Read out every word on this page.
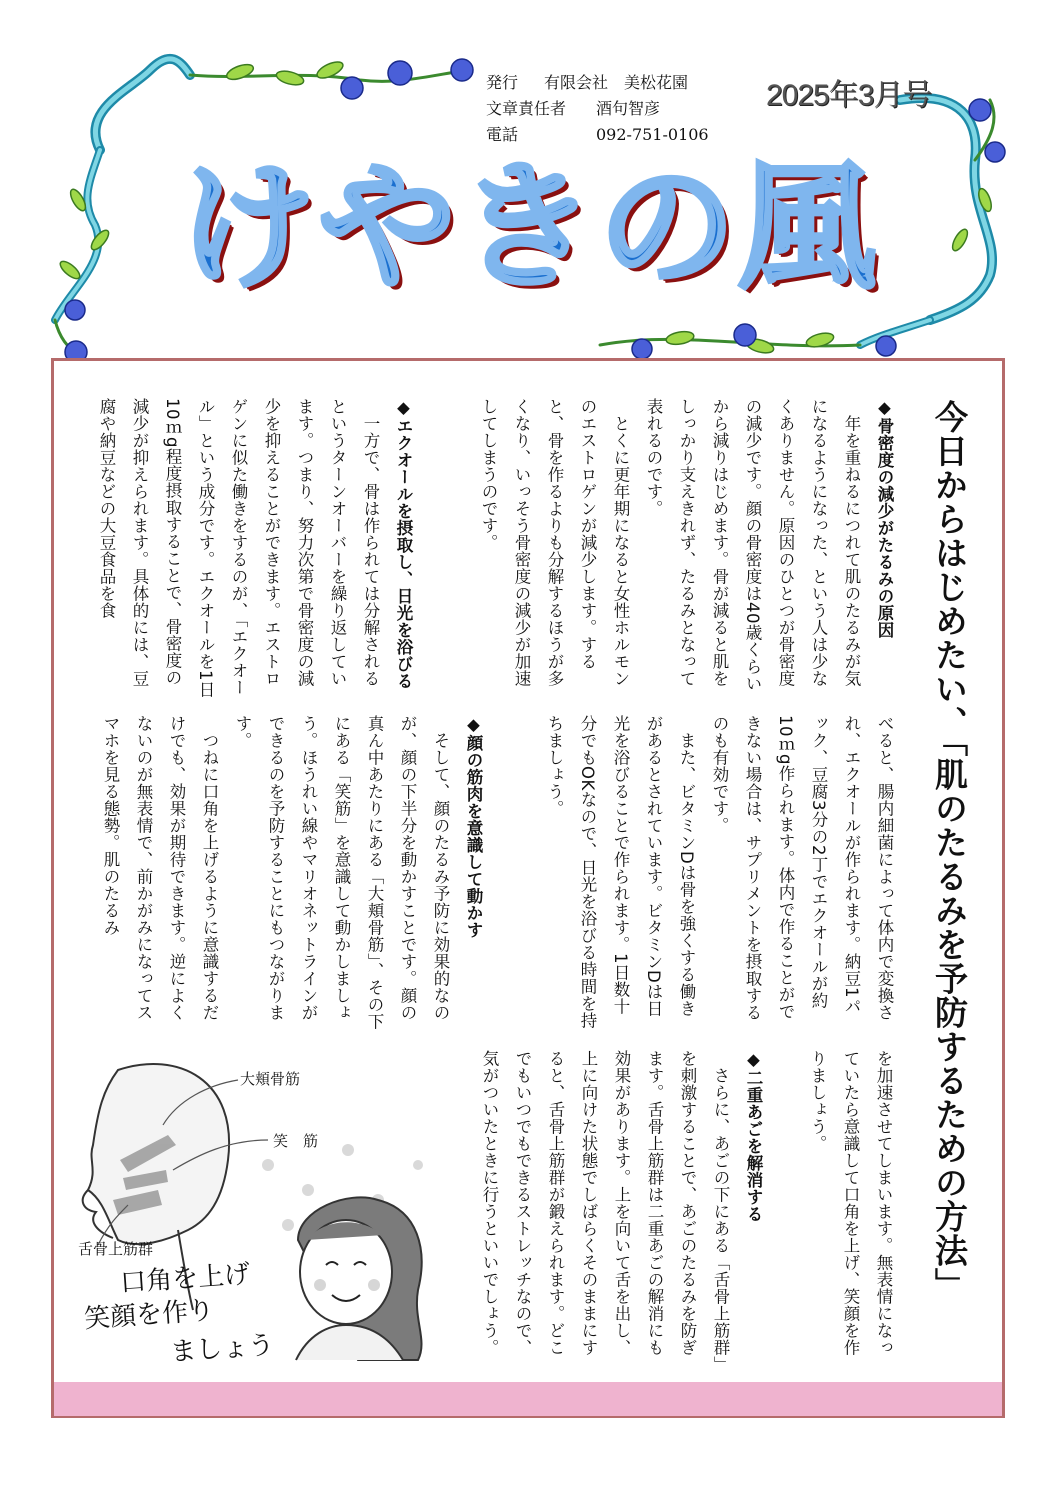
発行	有限会社　美松花園
文章責任者	酒句智彦
電話	092-751-0106
2025年3月号
けやきの風
今日からはじめたい、「肌のたるみを予防するための方法」
◆骨密度の減少がたるみの原因
年を重ねるにつれて肌のたるみが気になるようになった、という人は少なくありません。原因のひとつが骨密度の減少です。顔の骨密度は40歳くらいから減りはじめます。骨が減ると肌をしっかり支えきれず、たるみとなって表れるのです。
とくに更年期になると女性ホルモンのエストロゲンが減少します。すると、骨を作るよりも分解するほうが多くなり、いっそう骨密度の減少が加速してしまうのです。
◆エクオールを摂取し、日光を浴びる
一方で、骨は作られては分解されるというターンオーバーを繰り返しています。つまり、努力次第で骨密度の減少を抑えることができます。エストロゲンに似た働きをするのが、「エクオール」という成分です。エクオールを1日10ｍg程度摂取することで、骨密度の減少が抑えられます。具体的には、豆腐や納豆などの大豆食品を食
べると、腸内細菌によって体内で変換され、エクオールが作られます。納豆1パック、豆腐3分の2丁でエクオールが約10ｍg作られます。体内で作ることができない場合は、サプリメントを摂取するのも有効です。
また、ビタミンDは骨を強くする働きがあるとされています。ビタミンDは日光を浴びることで作られます。1日数十分でもOKなので、日光を浴びる時間を持ちましょう。
◆顔の筋肉を意識して動かす
そして、顔のたるみ予防に効果的なのが、顔の下半分を動かすことです。顔の真ん中あたりにある「大頬骨筋」、その下にある「笑筋」を意識して動かしましょう。ほうれい線やマリオネットラインができるのを予防することにもつながります。
つねに口角を上げるように意識するだけでも、効果が期待できます。逆によくないのが無表情で、前かがみになってスマホを見る態勢。肌のたるみ
を加速させてしまいます。無表情になっていたら意識して口角を上げ、笑顔を作りましょう。
◆二重あごを解消する
さらに、あごの下にある「舌骨上筋群」を刺激することで、あごのたるみを防ぎます。舌骨上筋群は二重あごの解消にも効果があります。上を向いて舌を出し、上に向けた状態でしばらくそのままにすると、舌骨上筋群が鍛えられます。どこでもいつでもできるストレッチなので、気がついたときに行うといいでしょう。
大頬骨筋
笑　筋
舌骨上筋群
口角を上げ
笑顔を作り
ましょう
